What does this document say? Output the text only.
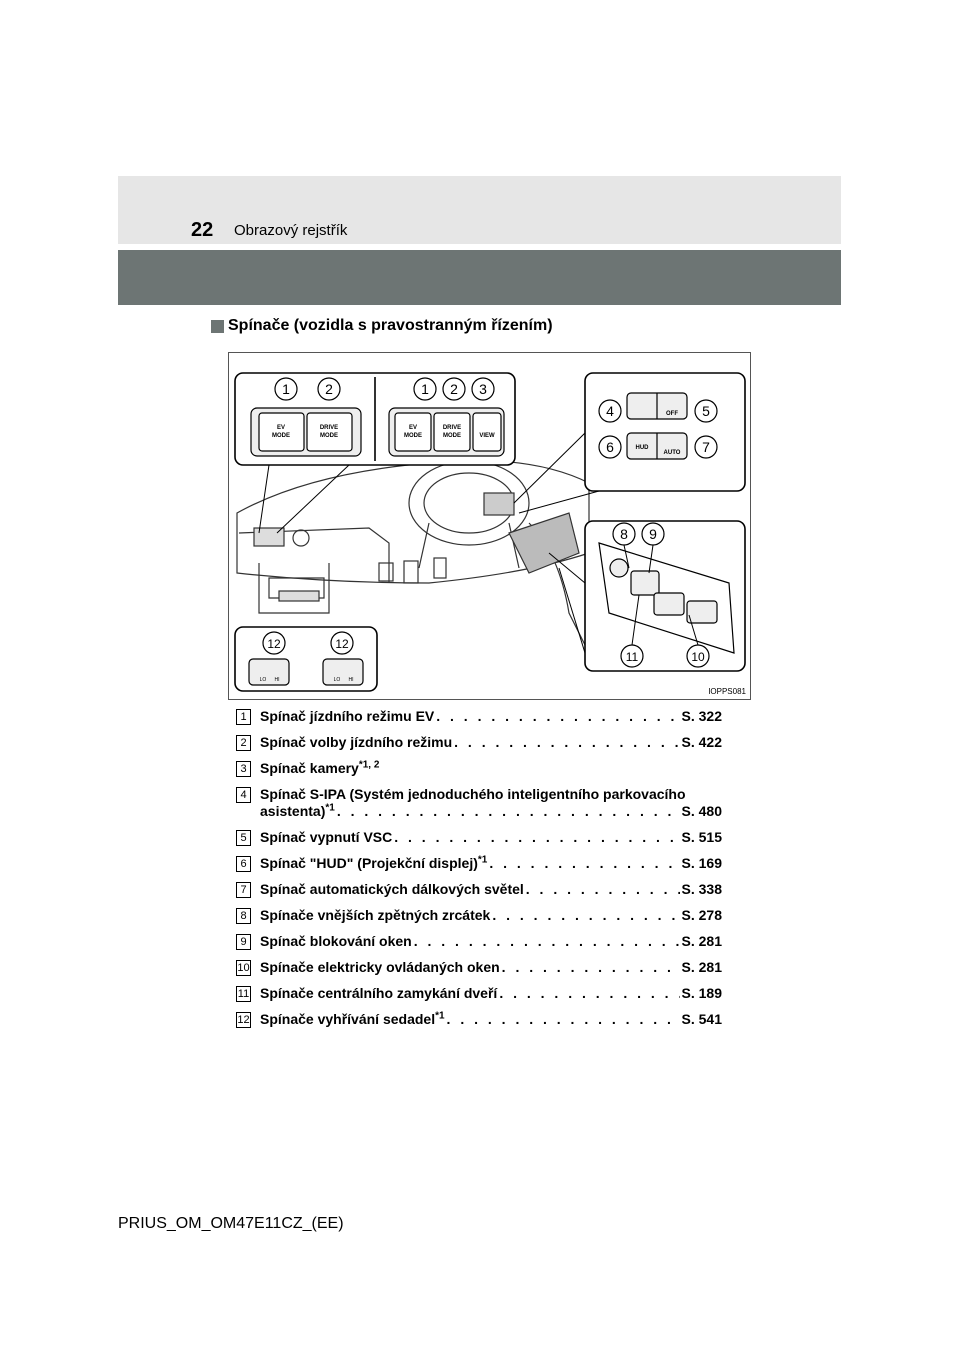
22 Obrazový rejstřík
Spínače (vozidla s pravostranným řízením)
EV
MODE
DRIVE
MODE
EV
MODE
DRIVE
MODE	VIEW
OFF
HUD
AUTO
LO HI	LO HI
1	2	1 2 3
4	5
6	7
8 9
10
11
12	12
IOPPS081
1 Spínač jízdního režimu EV . . .	S. 322
2 Spínač volby jízdního režimu . . .	S. 422
3 Spínač kamery$^{*1, 2}$
4 Spínač S-IPA (Systém jednoduchého inteligentního parkovacího
asistenta)$^{*1}$ . . .	S. 480
5 Spínač vypnutí VSC . . .	S. 515
6 Spínač "HUD" (Projekční displej)$^{*1}$ . . .	S. 169
7 Spínač automatických dálkových světel . . .	S. 338
8 Spínače vnějších zpětných zrcátek . . .	S. 278
9 Spínač blokování oken . . .	S. 281
10 Spínače elektricky ovládaných oken . . .	S. 281
11 Spínače centrálního zamykání dveří . . .	S. 189
12 Spínače vyhřívání sedadel$^{*1}$ . . .	S. 541
PRIUS_OM_OM47E11CZ_(EE)
